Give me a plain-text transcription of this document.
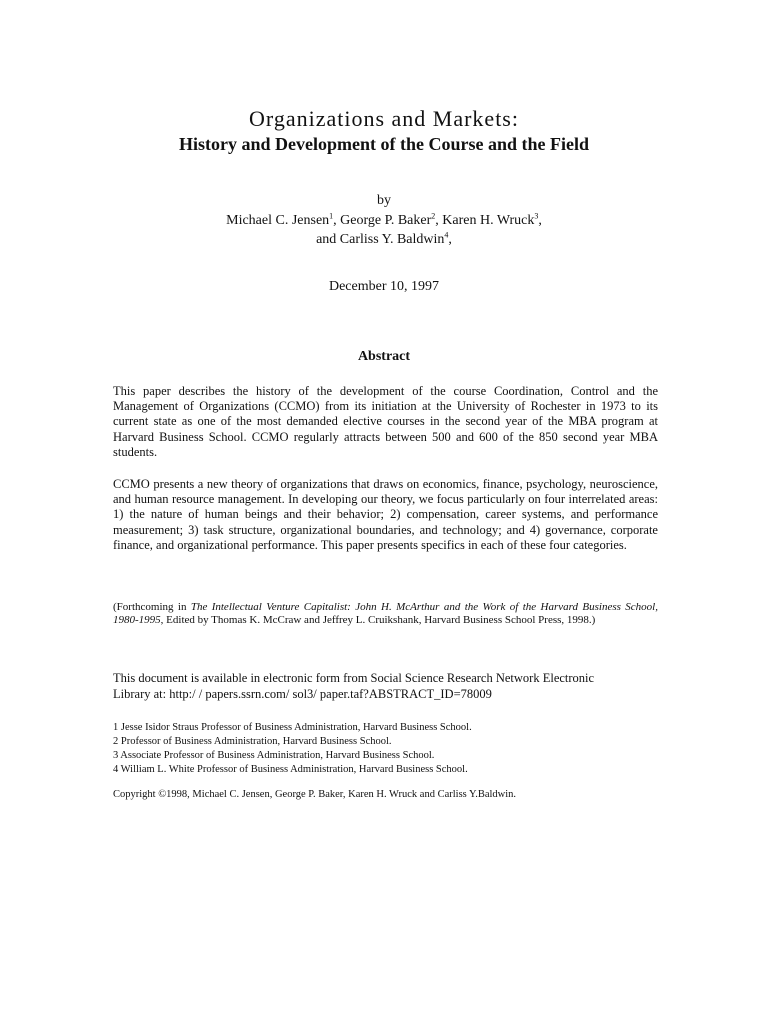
Organizations and Markets:
History and Development of the Course and the Field
by
Michael C. Jensen$^1$, George P. Baker$^2$, Karen H. Wruck$^3$,
and Carliss Y. Baldwin$^4$,
December 10, 1997
Abstract

This paper describes the history of the development of the course Coordination, Control and the Management of Organizations (CCMO) from its initiation at the University of Rochester in 1973 to its current state as one of the most demanded elective courses in the second year of the MBA program at Harvard Business School. CCMO regularly attracts between 500 and 600 of the 850 second year MBA students.

CCMO presents a new theory of organizations that draws on economics, finance, psychology, neuroscience, and human resource management. In developing our theory, we focus particularly on four interrelated areas: 1) the nature of human beings and their behavior; 2) compensation, career systems, and performance measurement; 3) task structure, organizational boundaries, and technology; and 4) governance, corporate finance, and organizational performance. This paper presents specifics in each of these four categories.

(Forthcoming in The Intellectual Venture Capitalist: John H. McArthur and the Work of the Harvard Business School, 1980-1995, Edited by Thomas K. McCraw and Jeffrey L. Cruikshank, Harvard Business School Press, 1998.)

This document is available in electronic form from Social Science Research Network Electronic
Library at: http:/ / papers.ssrn.com/ sol3/ paper.taf?ABSTRACT_ID=78009
1 Jesse Isidor Straus Professor of Business Administration, Harvard Business School.
2 Professor of Business Administration, Harvard Business School.
3 Associate Professor of Business Administration, Harvard Business School.
4 William L. White Professor of Business Administration, Harvard Business School.
Copyright ©1998, Michael C. Jensen, George P. Baker, Karen H. Wruck and Carliss Y.Baldwin.
